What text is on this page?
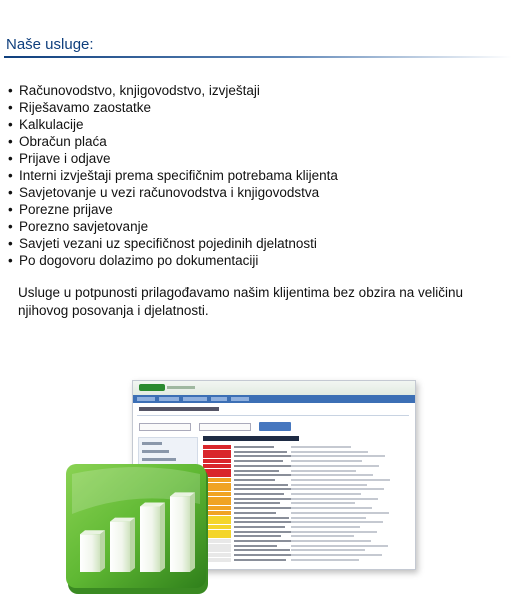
Naše usluge:
• Računovodstvo, knjigovodstvo, izvještaji
• Riješavamo zaostatke
• Kalkulacije
• Obračun plaća
• Prijave i odjave
• Interni izvještaji prema specifičnim potrebama klijenta
• Savjetovanje u vezi računovodstva i knjigovodstva
• Porezne prijave
• Porezno savjetovanje
• Savjeti vezani uz specifičnost pojedinih djelatnosti
• Po dogovoru dolazimo po dokumentaciji
Usluge u potpunosti prilagođavamo našim klijentima bez obzira na veličinu njihovog posovanja i djelatnosti.
